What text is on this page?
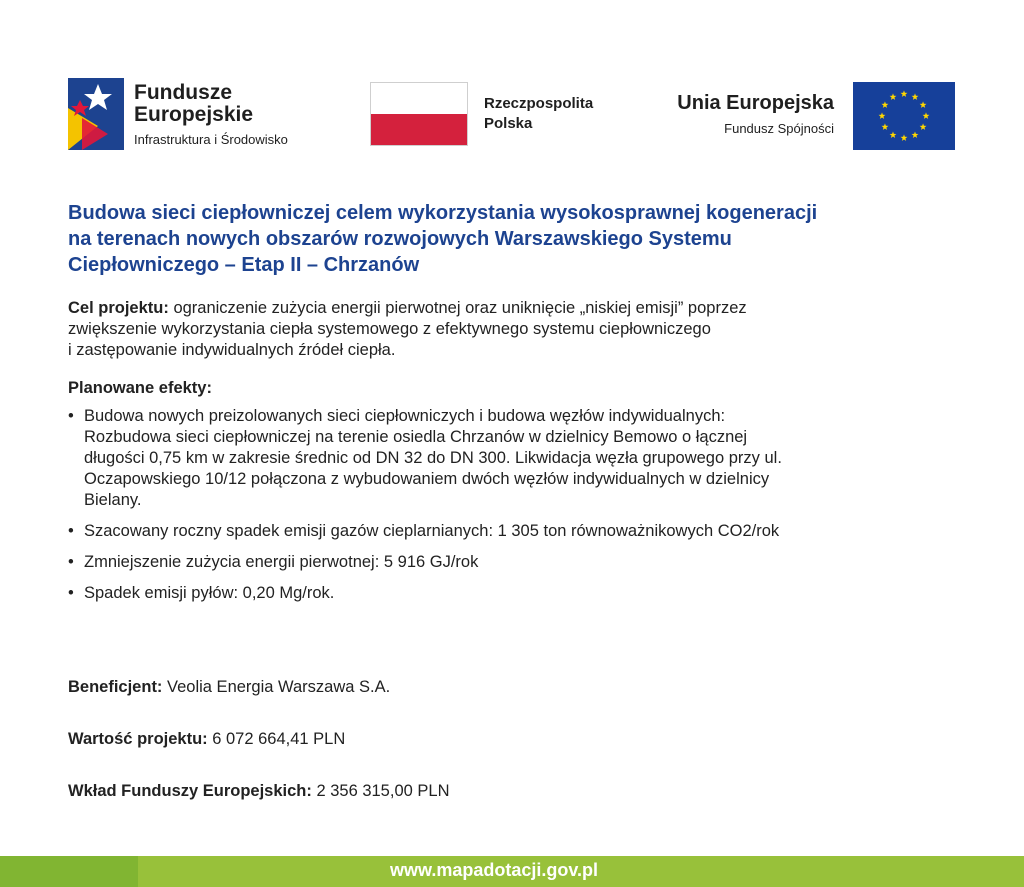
Fundusze
Europejskie
Infrastruktura i Środowisko
Rzeczpospolita
Polska
Unia Europejska
Fundusz Spójności
Budowa sieci ciepłowniczej celem wykorzystania wysokosprawnej kogeneracji
na terenach nowych obszarów rozwojowych Warszawskiego Systemu
Ciepłowniczego – Etap II – Chrzanów
Cel projektu: ograniczenie zużycia energii pierwotnej oraz uniknięcie „niskiej emisji” poprzez
zwiększenie wykorzystania ciepła systemowego z efektywnego systemu ciepłowniczego
i zastępowanie indywidualnych źródeł ciepła.
Planowane efekty:
• Budowa nowych preizolowanych sieci ciepłowniczych i budowa węzłów indywidualnych:
Rozbudowa sieci ciepłowniczej na terenie osiedla Chrzanów w dzielnicy Bemowo o łącznej
długości 0,75 km w zakresie średnic od DN 32 do DN 300. Likwidacja węzła grupowego przy ul.
Oczapowskiego 10/12 połączona z wybudowaniem dwóch węzłów indywidualnych w dzielnicy
Bielany.
• Szacowany roczny spadek emisji gazów cieplarnianych: 1 305 ton równoważnikowych CO2/rok
• Zmniejszenie zużycia energii pierwotnej: 5 916 GJ/rok
• Spadek emisji pyłów: 0,20 Mg/rok.
Beneficjent: Veolia Energia Warszawa S.A.
Wartość projektu: 6 072 664,41 PLN
Wkład Funduszy Europejskich: 2 356 315,00 PLN
www.mapadotacji.gov.pl
